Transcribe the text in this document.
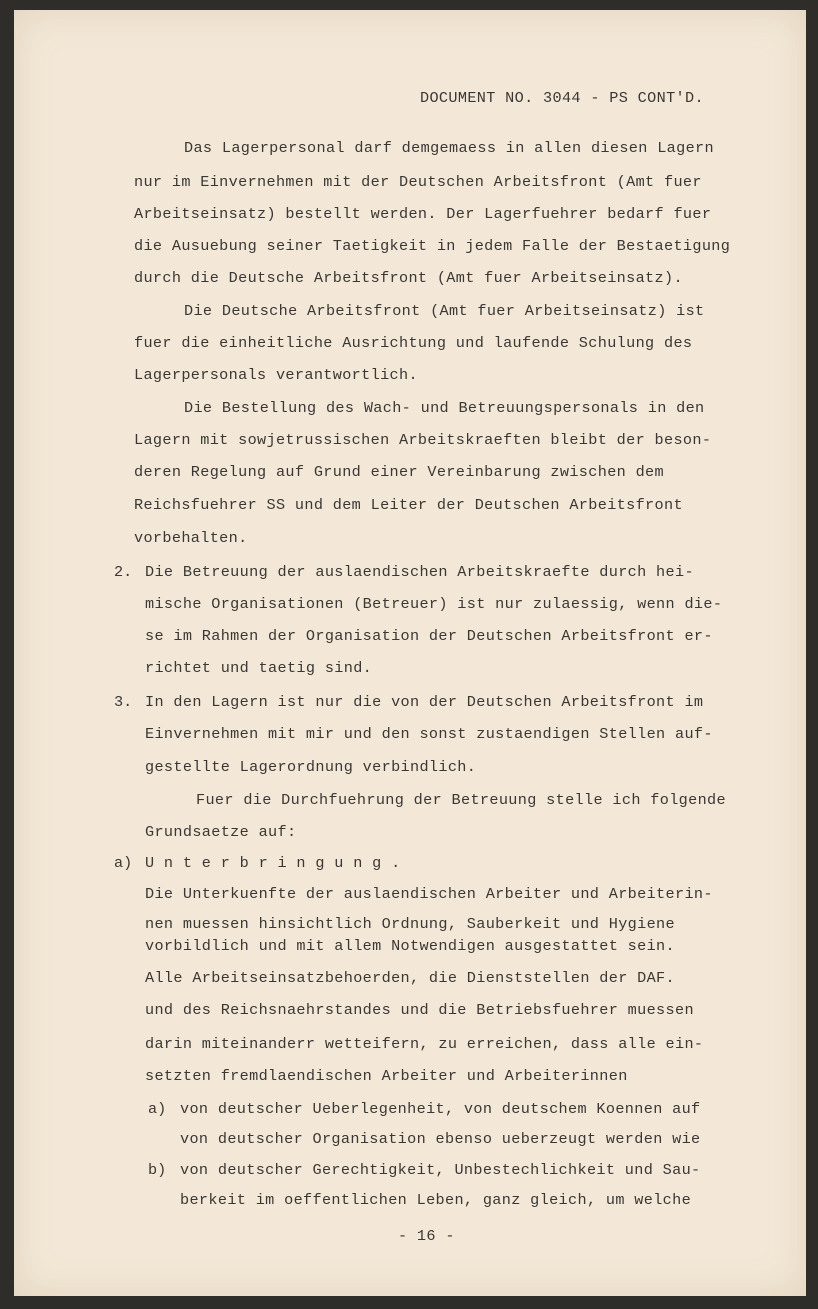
DOCUMENT NO. 3044 - PS CONT'D.
Das Lagerpersonal darf demgemaess in allen diesen Lagern
nur im Einvernehmen mit der Deutschen Arbeitsfront (Amt fuer
Arbeitseinsatz) bestellt werden. Der Lagerfuehrer bedarf fuer
die Ausuebung seiner Taetigkeit in jedem Falle der Bestaetigung
durch die Deutsche Arbeitsfront (Amt fuer Arbeitseinsatz).
Die Deutsche Arbeitsfront (Amt fuer Arbeitseinsatz) ist
fuer die einheitliche Ausrichtung und laufende Schulung des
Lagerpersonals verantwortlich.
Die Bestellung des Wach- und Betreuungspersonals in den
Lagern mit sowjetrussischen Arbeitskraeften bleibt der beson-
deren Regelung auf Grund einer Vereinbarung zwischen dem
Reichsfuehrer SS und dem Leiter der Deutschen Arbeitsfront
vorbehalten.
2. Die Betreuung der auslaendischen Arbeitskraefte durch hei-
mische Organisationen (Betreuer) ist nur zulaessig, wenn die-
se im Rahmen der Organisation der Deutschen Arbeitsfront er-
richtet und taetig sind.
3. In den Lagern ist nur die von der Deutschen Arbeitsfront im
Einvernehmen mit mir und den sonst zustaendigen Stellen auf-
gestellte Lagerordnung verbindlich.
Fuer die Durchfuehrung der Betreuung stelle ich folgende
Grundsaetze auf:
a) U n t e r b r i n g u n g .
Die Unterkuenfte der auslaendischen Arbeiter und Arbeiterin-
nen muessen hinsichtlich Ordnung, Sauberkeit und Hygiene
vorbildlich und mit allem Notwendigen ausgestattet sein.
Alle Arbeitseinsatzbehoerden, die Dienststellen der DAF.
und des Reichsnaehrstandes und die Betriebsfuehrer muessen
darin miteinanderr wetteifern, zu erreichen, dass alle ein-
setzten fremdlaendischen Arbeiter und Arbeiterinnen
a) von deutscher Ueberlegenheit, von deutschem Koennen auf
von deutscher Organisation ebenso ueberzeugt werden wie
b) von deutscher Gerechtigkeit, Unbestechlichkeit und Sau-
berkeit im oeffentlichen Leben, ganz gleich, um welche
- 16 -
